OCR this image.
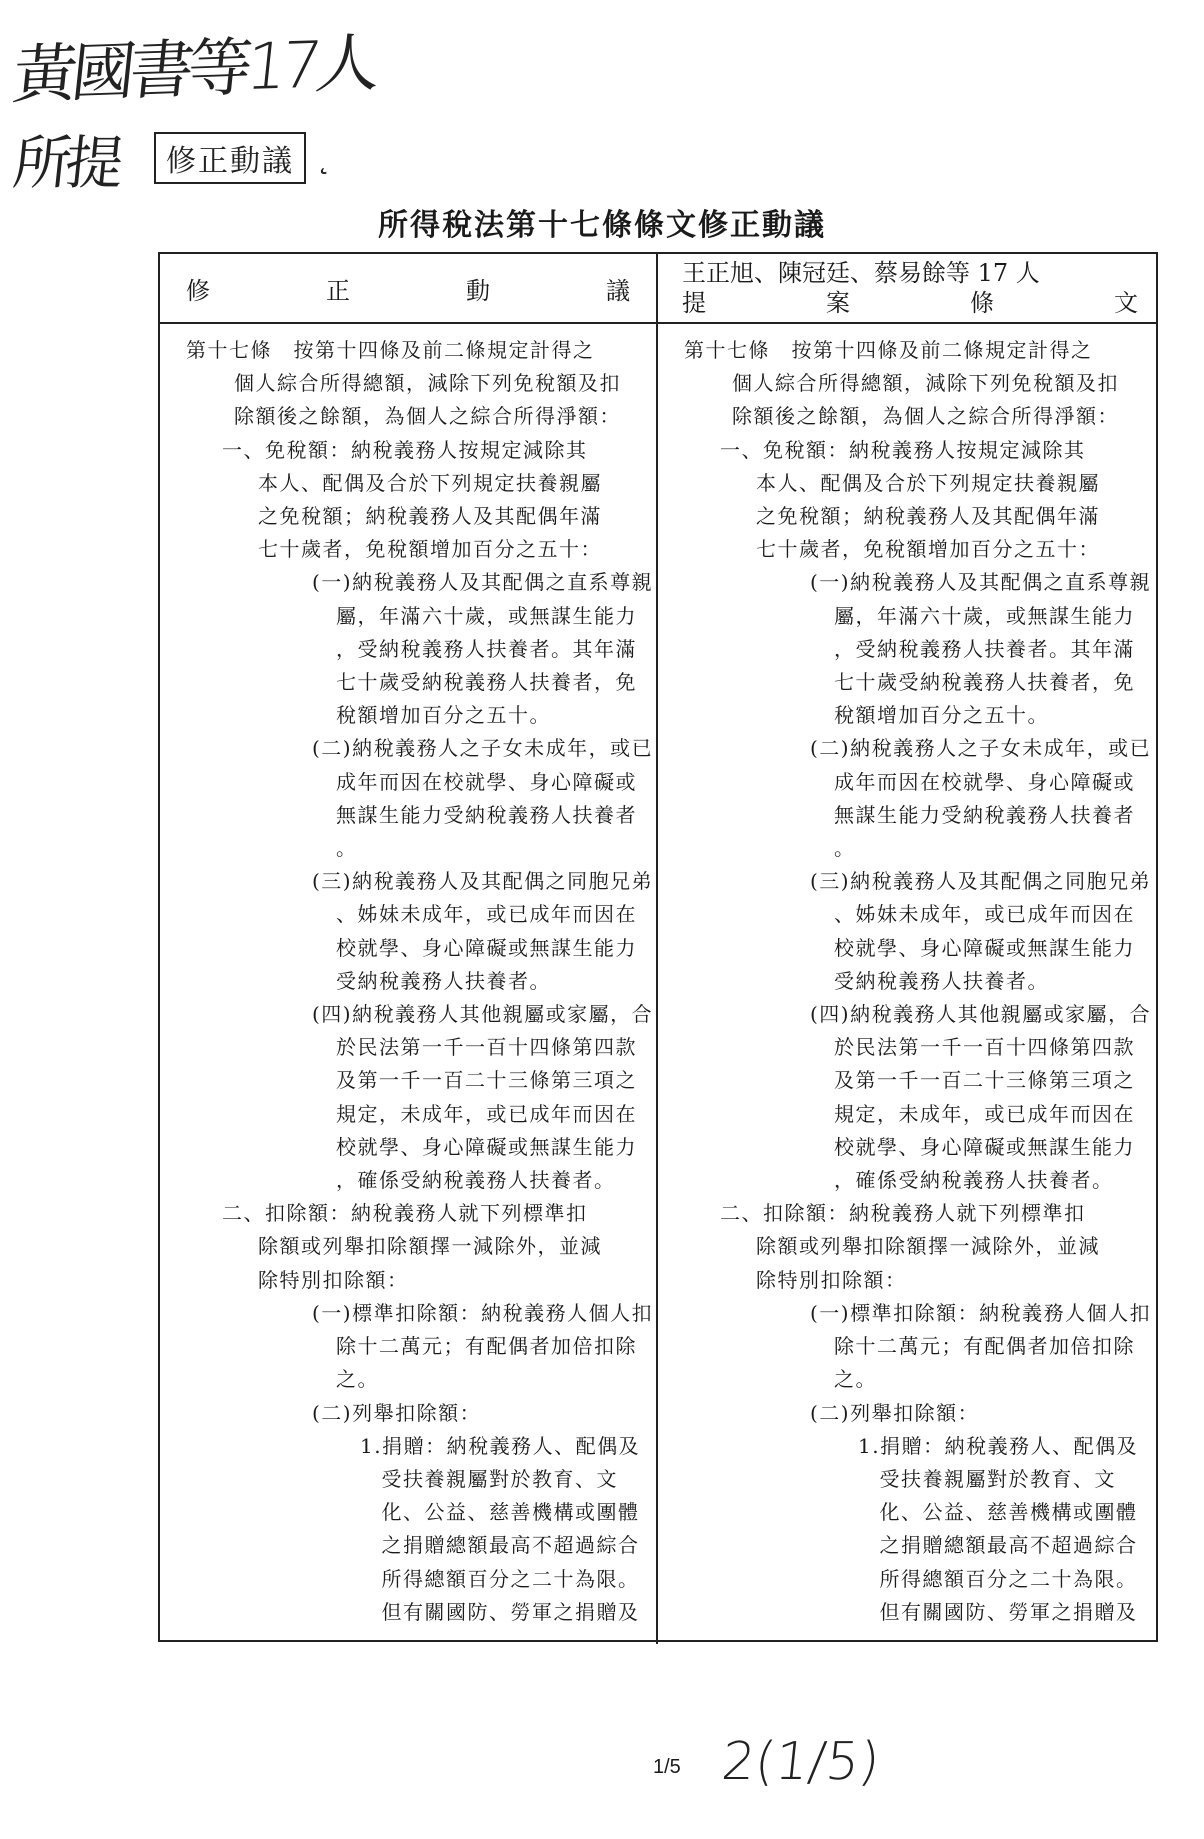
黃國書等17人
所提	修正動議 ˛
所得稅法第十七條條文修正動議
修	正	動	議
王正旭、陳冠廷、蔡易餘等 17 人
提	案	條	文
第十七條　按第十四條及前二條規定計得之
個人綜合所得總額，減除下列免稅額及扣
除額後之餘額，為個人之綜合所得淨額：
一、免稅額：納稅義務人按規定減除其
本人、配偶及合於下列規定扶養親屬
之免稅額；納稅義務人及其配偶年滿
七十歲者，免稅額增加百分之五十：
(一)納稅義務人及其配偶之直系尊親
屬，年滿六十歲，或無謀生能力
，受納稅義務人扶養者。其年滿
七十歲受納稅義務人扶養者，免
稅額增加百分之五十。
(二)納稅義務人之子女未成年，或已
成年而因在校就學、身心障礙或
無謀生能力受納稅義務人扶養者
。
(三)納稅義務人及其配偶之同胞兄弟
、姊妹未成年，或已成年而因在
校就學、身心障礙或無謀生能力
受納稅義務人扶養者。
(四)納稅義務人其他親屬或家屬，合
於民法第一千一百十四條第四款
及第一千一百二十三條第三項之
規定，未成年，或已成年而因在
校就學、身心障礙或無謀生能力
，確係受納稅義務人扶養者。
二、扣除額：納稅義務人就下列標準扣
除額或列舉扣除額擇一減除外，並減
除特別扣除額：
(一)標準扣除額：納稅義務人個人扣
除十二萬元；有配偶者加倍扣除
之。
(二)列舉扣除額：
1.捐贈：納稅義務人、配偶及
　受扶養親屬對於教育、文
　化、公益、慈善機構或團體
　之捐贈總額最高不超過綜合
　所得總額百分之二十為限。
　但有關國防、勞軍之捐贈及
第十七條　按第十四條及前二條規定計得之
個人綜合所得總額，減除下列免稅額及扣
除額後之餘額，為個人之綜合所得淨額：
一、免稅額：納稅義務人按規定減除其
本人、配偶及合於下列規定扶養親屬
之免稅額；納稅義務人及其配偶年滿
七十歲者，免稅額增加百分之五十：
(一)納稅義務人及其配偶之直系尊親
屬，年滿六十歲，或無謀生能力
，受納稅義務人扶養者。其年滿
七十歲受納稅義務人扶養者，免
稅額增加百分之五十。
(二)納稅義務人之子女未成年，或已
成年而因在校就學、身心障礙或
無謀生能力受納稅義務人扶養者
。
(三)納稅義務人及其配偶之同胞兄弟
、姊妹未成年，或已成年而因在
校就學、身心障礙或無謀生能力
受納稅義務人扶養者。
(四)納稅義務人其他親屬或家屬，合
於民法第一千一百十四條第四款
及第一千一百二十三條第三項之
規定，未成年，或已成年而因在
校就學、身心障礙或無謀生能力
，確係受納稅義務人扶養者。
二、扣除額：納稅義務人就下列標準扣
除額或列舉扣除額擇一減除外，並減
除特別扣除額：
(一)標準扣除額：納稅義務人個人扣
除十二萬元；有配偶者加倍扣除
之。
(二)列舉扣除額：
1.捐贈：納稅義務人、配偶及
　受扶養親屬對於教育、文
　化、公益、慈善機構或團體
　之捐贈總額最高不超過綜合
　所得總額百分之二十為限。
　但有關國防、勞軍之捐贈及
1/5 2(1/5)
